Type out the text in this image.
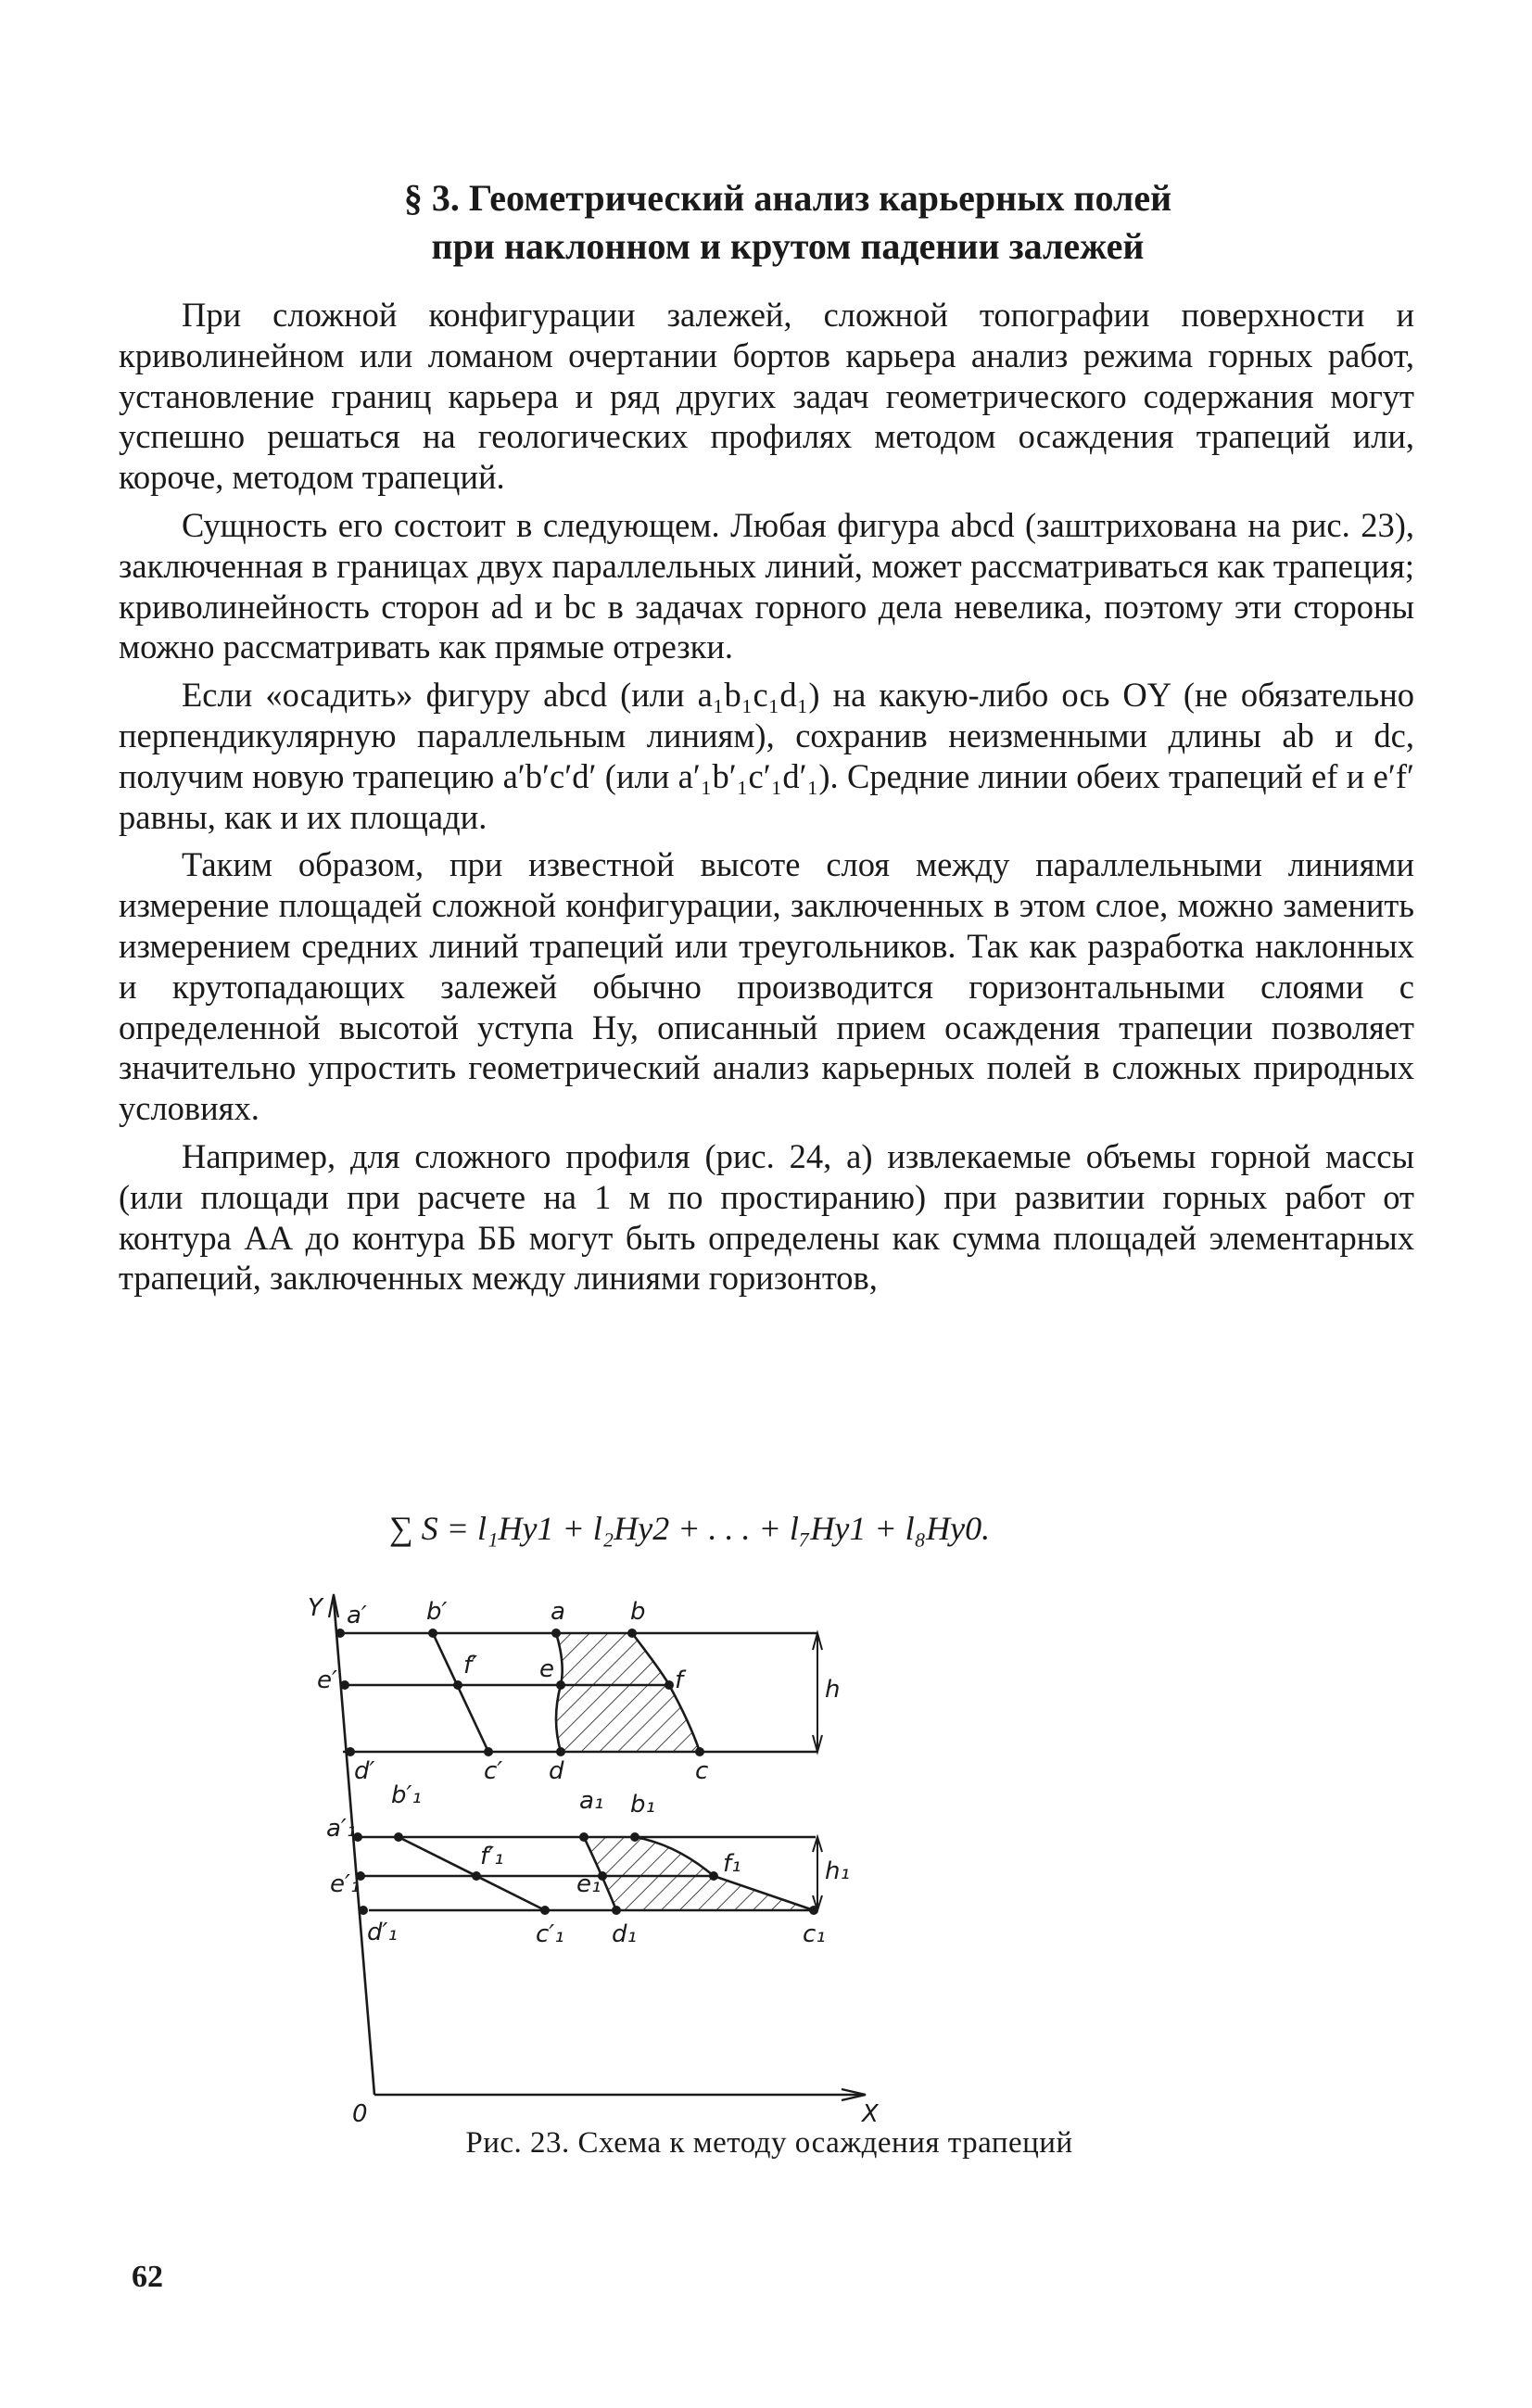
§ 3. Геометрический анализ карьерных полей
при наклонном и крутом падении залежей

При сложной конфигурации залежей, сложной топографии поверхности и криволинейном или ломаном очертании бортов карьера анализ режима горных работ, установление границ карьера и ряд других задач геометрического содержания могут успешно решаться на геологических профилях методом осаждения трапеций или, короче, методом трапеций.

Сущность его состоит в следующем. Любая фигура abcd (заштрихована на рис. 23), заключенная в границах двух параллельных линий, может рассматриваться как трапеция; криволинейность сторон ad и bc в задачах горного дела невелика, поэтому эти стороны можно рассматривать как прямые отрезки.

Если «осадить» фигуру abcd (или a₁b₁c₁d₁) на какую-либо ось OY (не обязательно перпендикулярную параллельным линиям), сохранив неизменными длины ab и dc, получим новую трапецию a′b′c′d′ (или a′₁b′₁c′₁d′₁). Средние линии обеих трапеций ef и e′f′ равны, как и их площади.

Таким образом, при известной высоте слоя между параллельными линиями измерение площадей сложной конфигурации, заключенных в этом слое, можно заменить измерением средних линий трапеций или треугольников. Так как разработка наклонных и крутопадающих залежей обычно производится горизонтальными слоями с определенной высотой уступа Hу, описанный прием осаждения трапеции позволяет значительно упростить геометрический анализ карьерных полей в сложных природных условиях.

Например, для сложного профиля (рис. 24, а) извлекаемые объемы горной массы (или площади при расчете на 1 м по простиранию) при развитии горных работ от контура АА до контура ББ могут быть определены как сумма площадей элементарных трапеций, заключенных между линиями горизонтов,

∑ S = l₁Hу1 + l₂Hу2 + . . . + l₇Hу1 + l₈Hу0.
Y
X
0
h
h₁
a′ b′	a	b
e′
f′	e	f
d′	c′ d	c
a′₁
b′₁	a₁ b₁
e′₁
f′₁
e₁
f₁
d′₁	c′₁ d₁	c₁
Рис. 23. Схема к методу осаждения трапеций
62
